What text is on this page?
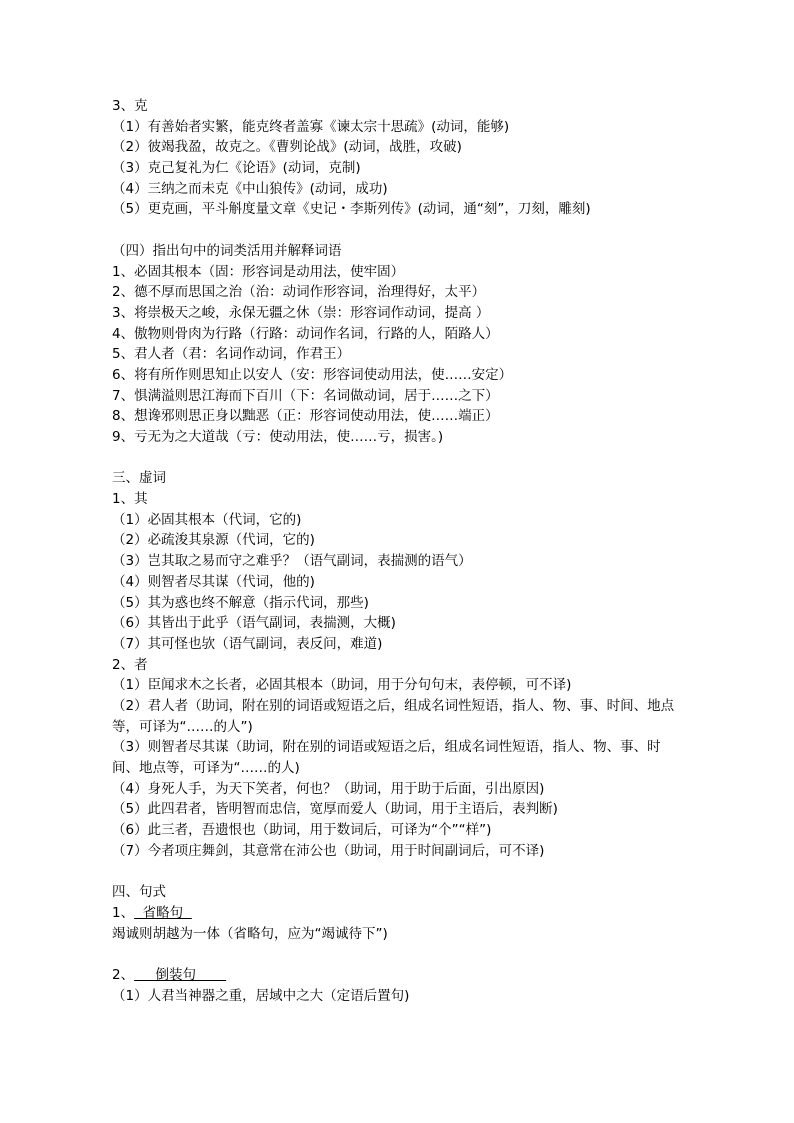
3、克
（1）有善始者实繁，能克终者盖寡《谏太宗十思疏》(动词，能够)
（2）彼竭我盈，故克之。《曹刿论战》(动词，战胜，攻破)
（3）克己复礼为仁《论语》(动词，克制)
（4）三纳之而未克《中山狼传》(动词，成功)
（5）更克画，平斗斛度量文章《史记・李斯列传》(动词，通“刻”，刀刻，雕刻)
（四）指出句中的词类活用并解释词语
1、必固其根本（固：形容词是动用法，使牢固）
2、德不厚而思国之治（治：动词作形容词，治理得好，太平）
3、将崇极天之峻，永保无疆之休（崇：形容词作动词，提高 ）
4、傲物则骨肉为行路（行路：动词作名词，行路的人，陌路人）
5、君人者（君：名词作动词，作君王）
6、将有所作则思知止以安人（安：形容词使动用法，使……安定）
7、惧满溢则思江海而下百川（下：名词做动词，居于……之下）
8、想谗邪则思正身以黜恶（正：形容词使动用法，使……端正）
9、亏无为之大道哉（亏：使动用法，使……亏，损害。)
三、虚词
1、其
（1）必固其根本（代词，它的)
（2）必疏浚其泉源（代词，它的)
（3）岂其取之易而守之难乎？（语气副词，表揣测的语气）
（4）则智者尽其谋（代词，他的)
（5）其为惑也终不解意（指示代词，那些)
（6）其皆出于此乎（语气副词，表揣测，大概)
（7）其可怪也欤（语气副词，表反问，难道)
2、者
（1）臣闻求木之长者，必固其根本（助词，用于分句句末，表停顿，可不译)
（2）君人者（助词，附在别的词语或短语之后，组成名词性短语，指人、物、事、时间、地点等，可译为“……的人”)
（3）则智者尽其谋（助词，附在别的词语或短语之后，组成名词性短语，指人、物、事、时间、地点等，可译为“……的人)
（4）身死人手，为天下笑者，何也？（助词，用于助于后面，引出原因)
（5）此四君者，皆明智而忠信，宽厚而爱人（助词，用于主语后，表判断)
（6）此三者，吾遗恨也（助词，用于数词后，可译为“个”“样”)
（7）今者项庄舞剑，其意常在沛公也（助词，用于时间副词后，可不译)
四、句式
1、  省略句
竭诚则胡越为一体（省略句，应为“竭诚待下”)
2、     倒装句
（1）人君当神器之重，居域中之大（定语后置句)
